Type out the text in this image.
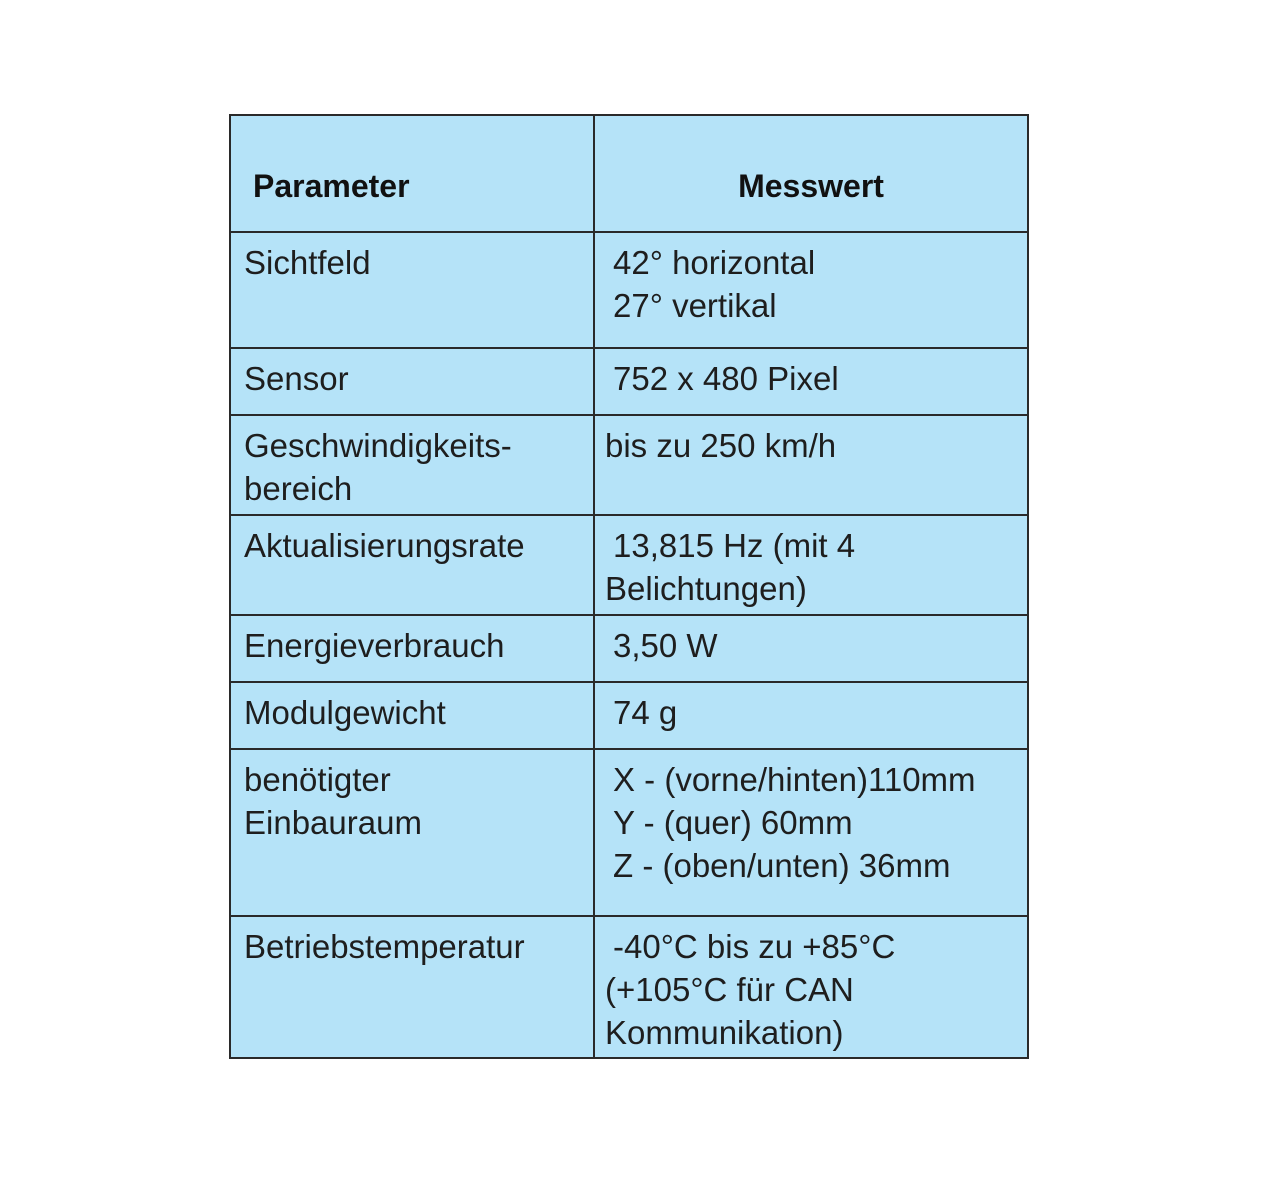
Parameter	Messwert

Sichtfeld	42° horizontal
27° vertikal

Sensor	752 x 480 Pixel

Geschwindigkeits-
bereich	bis zu 250 km/h

Aktualisierungsrate	13,815 Hz (mit 4
Belichtungen)

Energieverbrauch	3,50 W

Modulgewicht	74 g

benötigter
Einbauraum	X - (vorne/hinten)110mm
Y - (quer) 60mm
Z - (oben/unten) 36mm

Betriebstemperatur	-40°C bis zu +85°C
(+105°C für CAN
Kommunikation)
